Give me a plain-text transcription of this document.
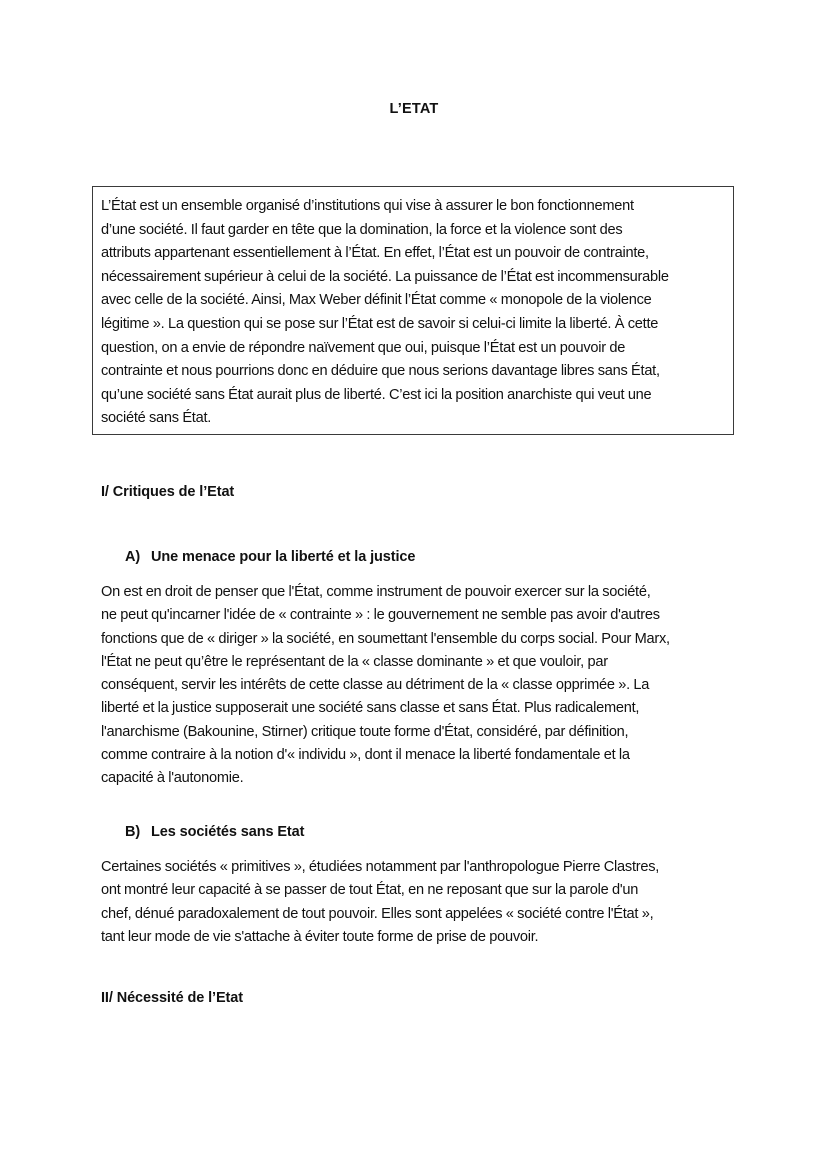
L’ETAT

L’État est un ensemble organisé d’institutions qui vise à assurer le bon fonctionnement
d’une société. Il faut garder en tête que la domination, la force et la violence sont des
attributs appartenant essentiellement à l’État. En effet, l’État est un pouvoir de contrainte,
nécessairement supérieur à celui de la société. La puissance de l’État est incommensurable
avec celle de la société. Ainsi, Max Weber définit l’État comme « monopole de la violence
légitime ». La question qui se pose sur l’État est de savoir si celui-ci limite la liberté. À cette
question, on a envie de répondre naïvement que oui, puisque l’État est un pouvoir de
contrainte et nous pourrions donc en déduire que nous serions davantage libres sans État,
qu’une société sans État aurait plus de liberté. C’est ici la position anarchiste qui veut une
société sans État.

I/ Critiques de l’Etat
A) Une menace pour la liberté et la justice

On est en droit de penser que l'État, comme instrument de pouvoir exercer sur la société,
ne peut qu'incarner l'idée de « contrainte » : le gouvernement ne semble pas avoir d'autres
fonctions que de « diriger » la société, en soumettant l'ensemble du corps social. Pour Marx,
l'État ne peut qu’être le représentant de la « classe dominante » et que vouloir, par
conséquent, servir les intérêts de cette classe au détriment de la « classe opprimée ». La
liberté et la justice supposerait une société sans classe et sans État. Plus radicalement,
l'anarchisme (Bakounine, Stirner) critique toute forme d'État, considéré, par définition,
comme contraire à la notion d'« individu », dont il menace la liberté fondamentale et la
capacité à l'autonomie.

B) Les sociétés sans Etat

Certaines sociétés « primitives », étudiées notamment par l'anthropologue Pierre Clastres,
ont montré leur capacité à se passer de tout État, en ne reposant que sur la parole d'un
chef, dénué paradoxalement de tout pouvoir. Elles sont appelées « société contre l'État »,
tant leur mode de vie s'attache à éviter toute forme de prise de pouvoir.

II/ Nécessité de l’Etat
